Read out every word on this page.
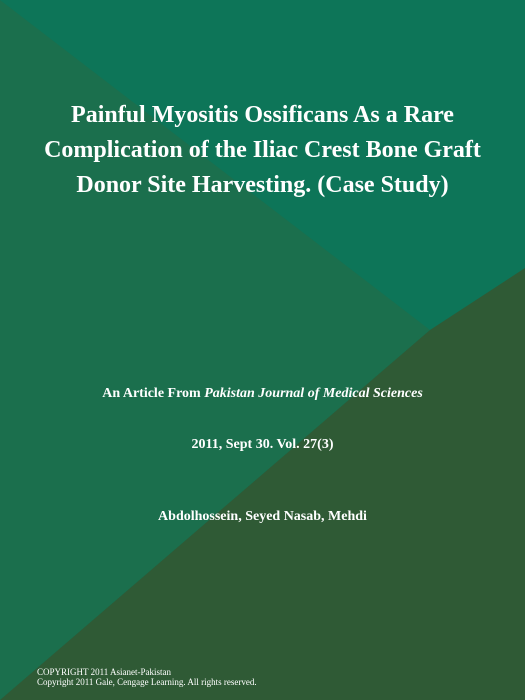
Painful Myositis Ossificans As a Rare Complication of the Iliac Crest Bone Graft Donor Site Harvesting. (Case Study)
An Article From Pakistan Journal of Medical Sciences
2011, Sept 30. Vol. 27(3)
Abdolhossein, Seyed Nasab, Mehdi
COPYRIGHT 2011 Asianet-Pakistan
Copyright 2011 Gale, Cengage Learning. All rights reserved.
